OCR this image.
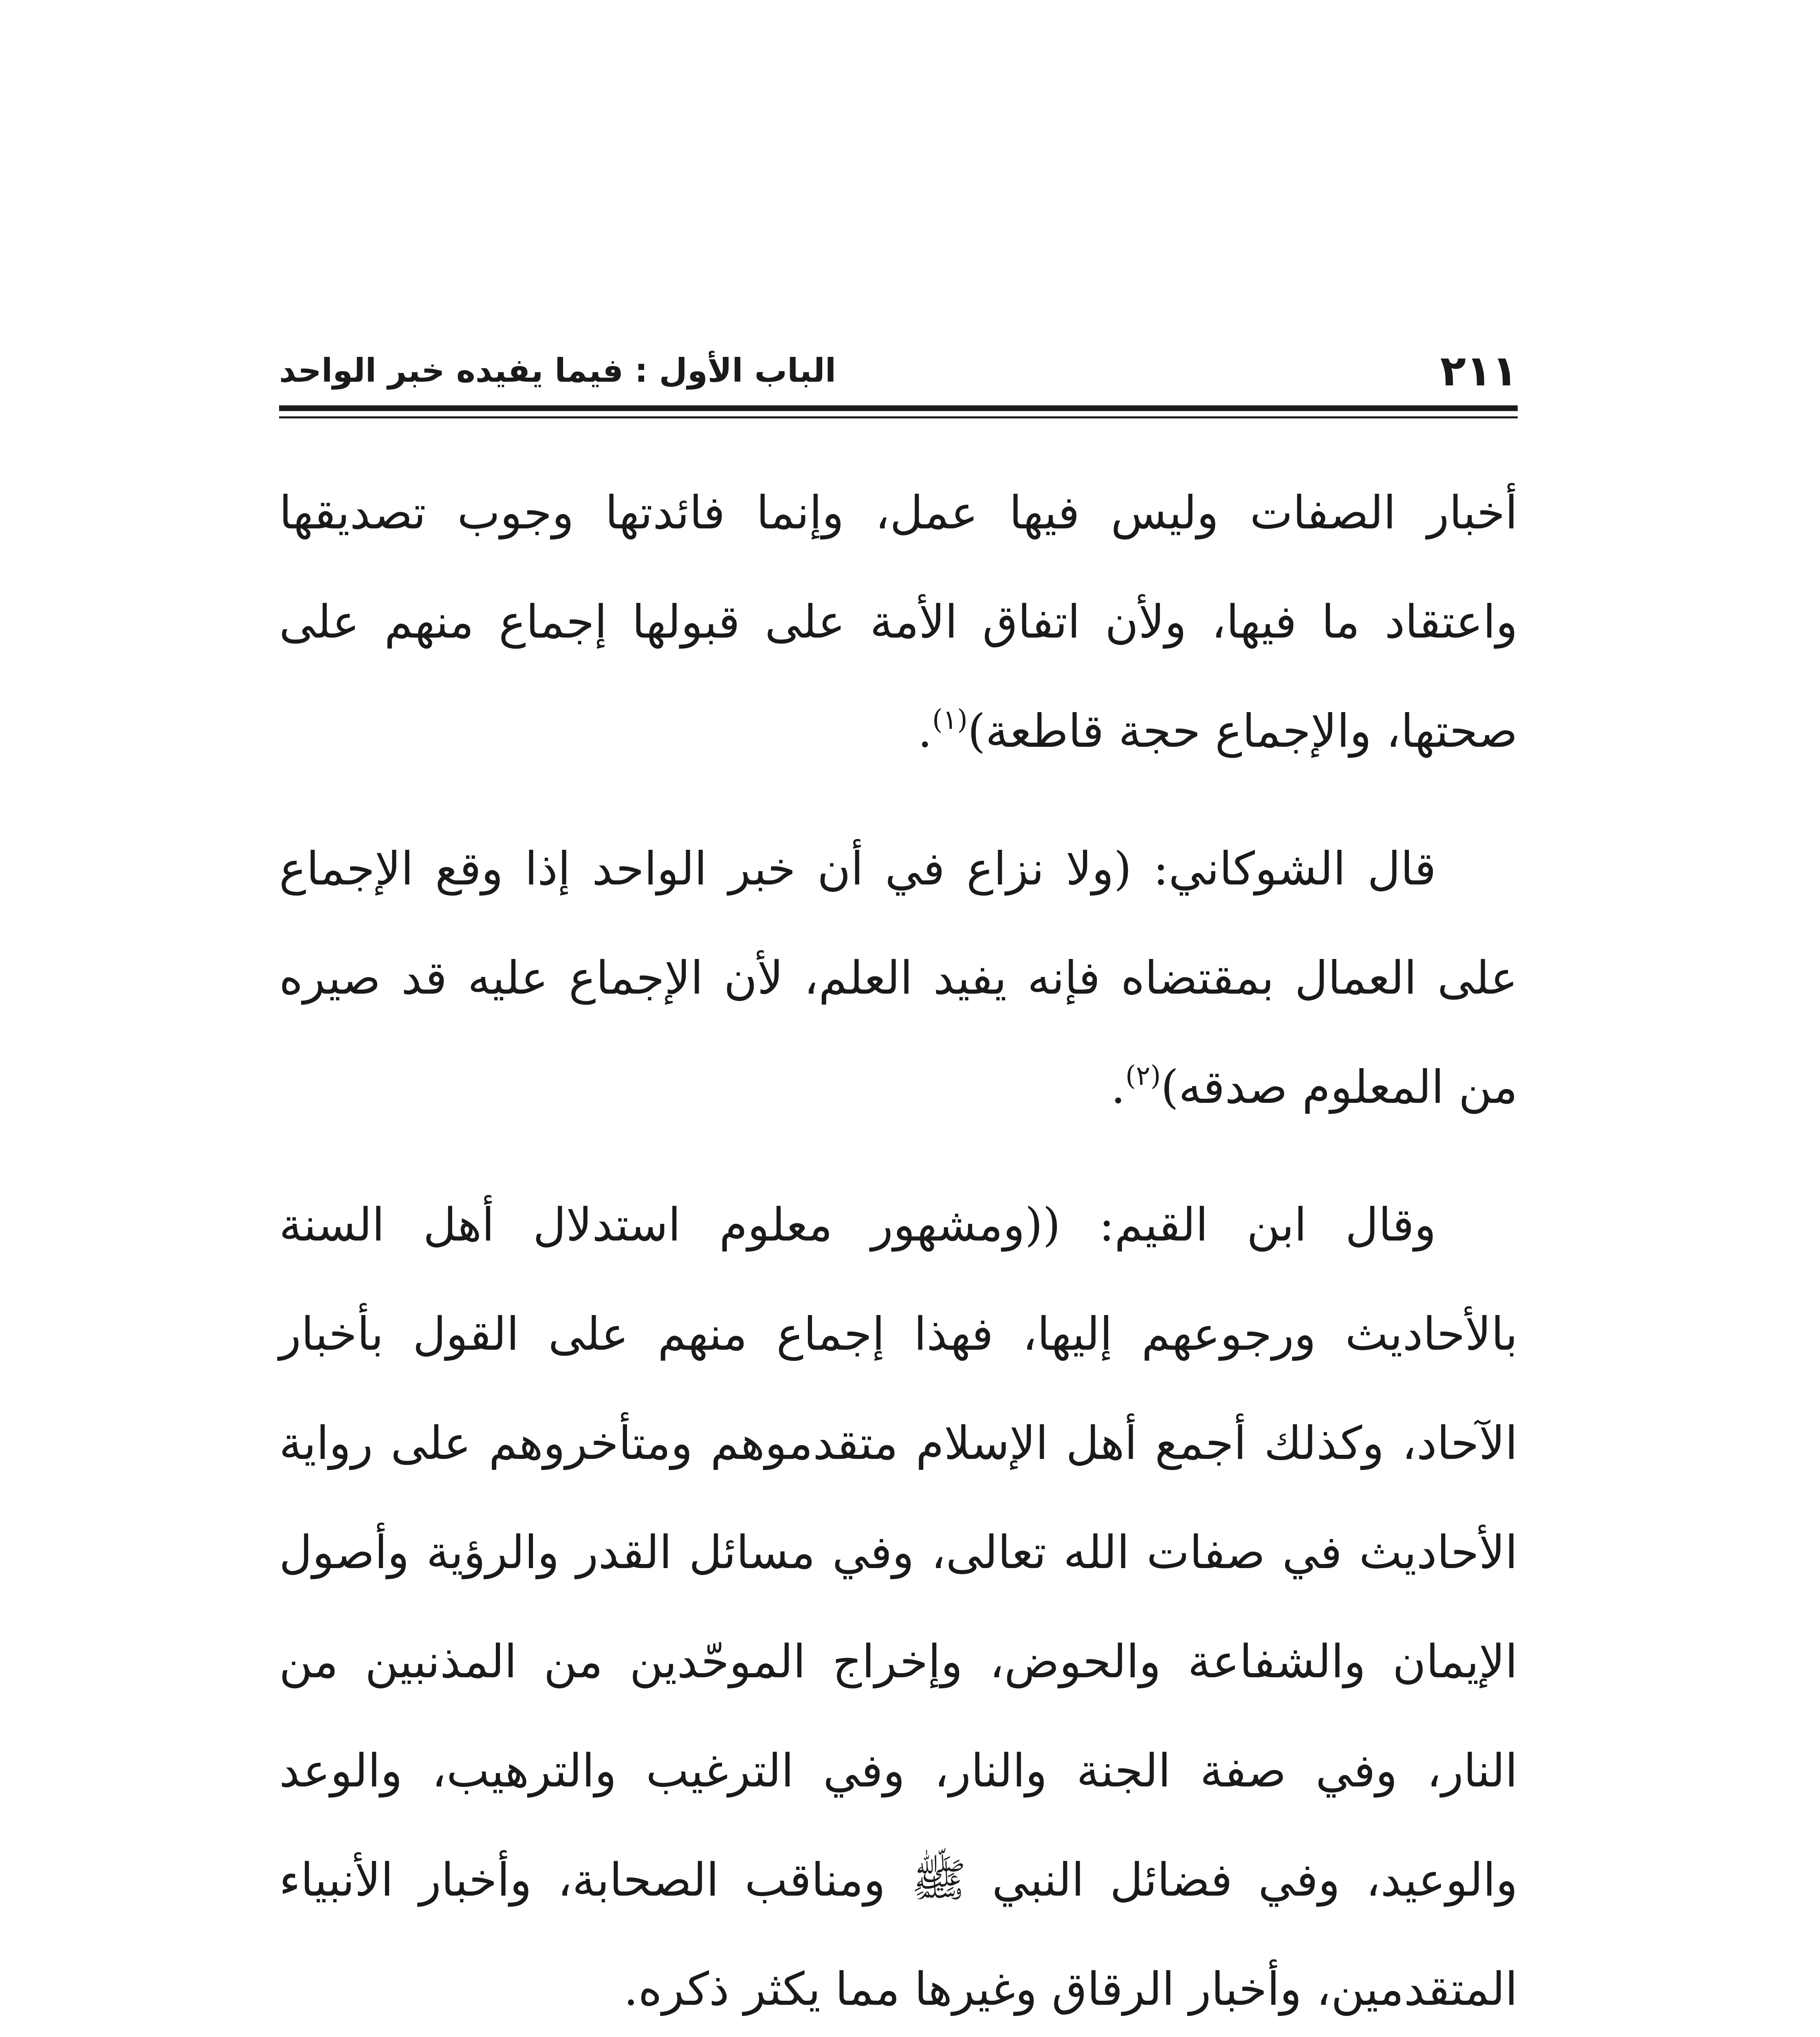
٢١١
الباب الأول : فيما يفيده خبر الواحد

أخبار الصفات وليس فيها عمل، وإنما فائدتها وجوب تصديقها واعتقاد ما فيها، ولأن اتفاق الأمة على قبولها إجماع منهم على صحتها، والإجماع حجة قاطعة)$^{(١)}$.

قال الشوكاني: (ولا نزاع في أن خبر الواحد إذا وقع الإجماع على العمال بمقتضاه فإنه يفيد العلم، لأن الإجماع عليه قد صيره من المعلوم صدقه)$^{(٢)}$.

وقال ابن القيم: ((ومشهور معلوم استدلال أهل السنة بالأحاديث ورجوعهم إليها، فهذا إجماع منهم على القول بأخبار الآحاد، وكذلك أجمع أهل الإسلام متقدموهم ومتأخروهم على رواية الأحاديث في صفات الله تعالى، وفي مسائل القدر والرؤية وأصول الإيمان والشفاعة والحوض، وإخراج الموحّدين من المذنبين من النار، وفي صفة الجنة والنار، وفي الترغيب والترهيب، والوعد والوعيد، وفي فضائل النبي ﷺ ومناقب الصحابة، وأخبار الأنبياء المتقدمين، وأخبار الرقاق وغيرها مما يكثر ذكره.
